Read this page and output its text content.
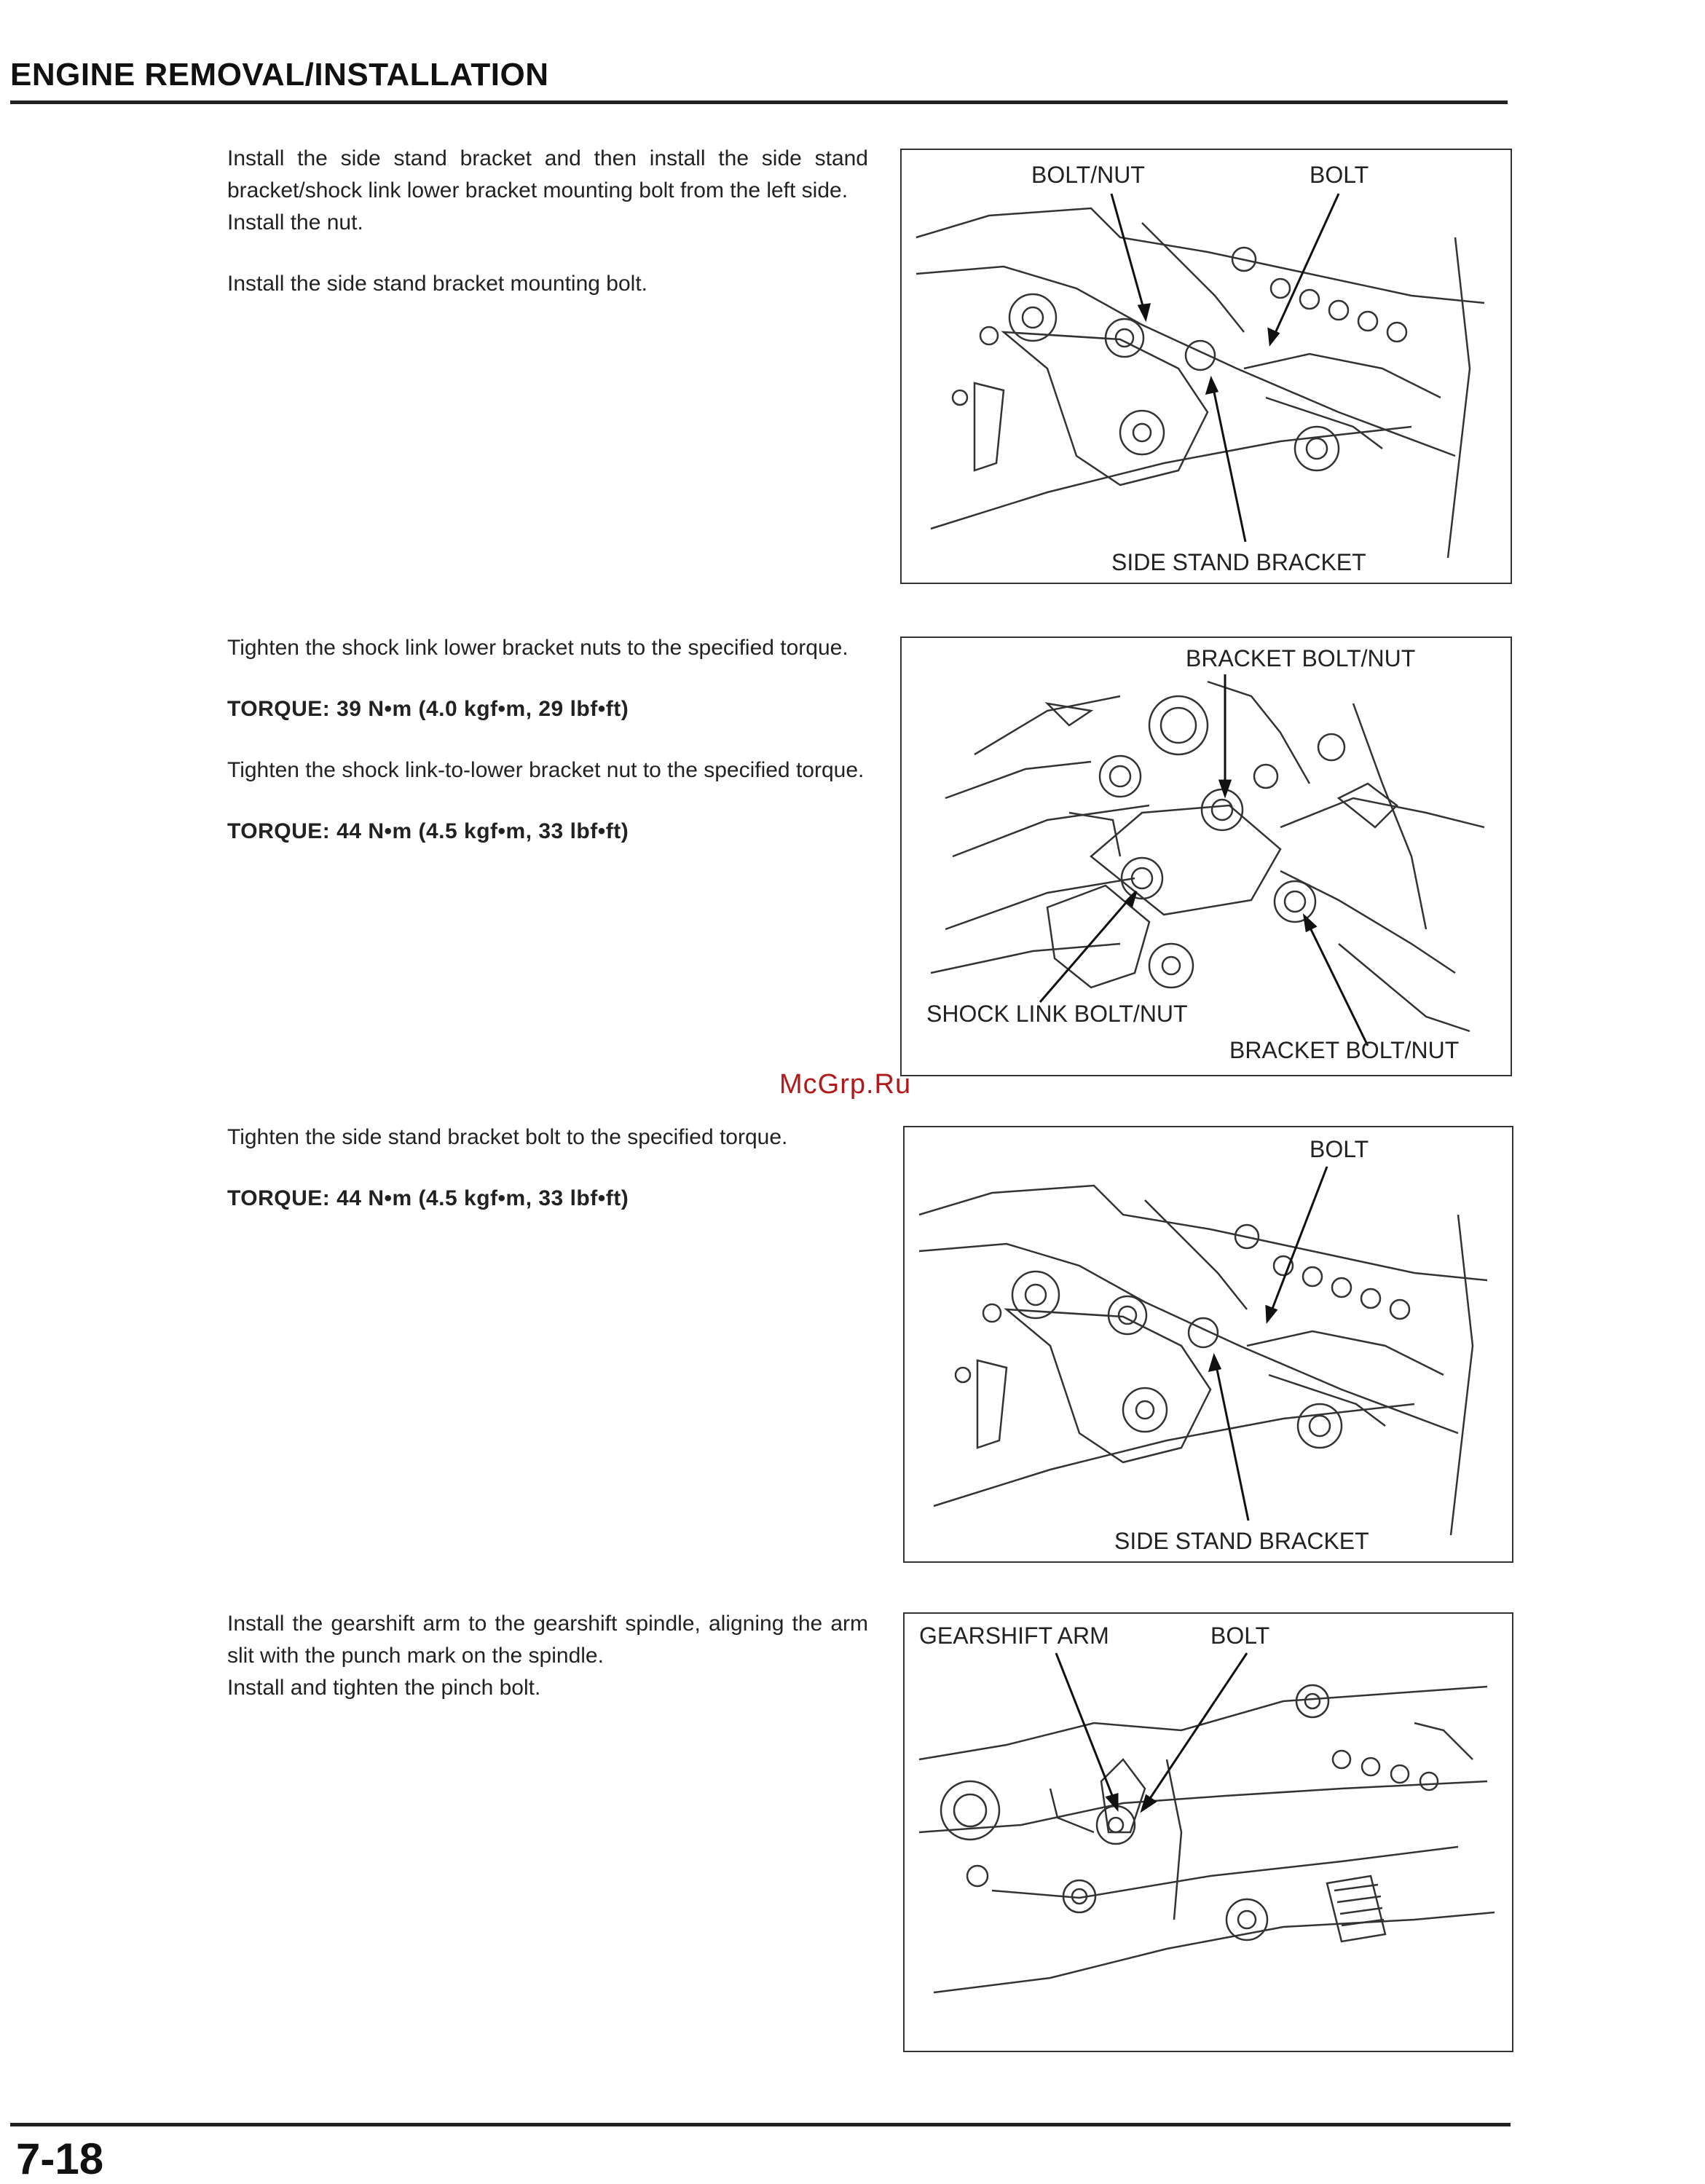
ENGINE REMOVAL/INSTALLATION

Install the side stand bracket and then install the side stand bracket/shock link lower bracket mounting bolt from the left side.

Install the nut.

Install the side stand bracket mounting bolt.

BOLT/NUT	BOLT
SIDE STAND BRACKET

Tighten the shock link lower bracket nuts to the specified torque.

TORQUE: 39 N•m (4.0 kgf•m, 29 lbf•ft)

Tighten the shock link-to-lower bracket nut to the specified torque.

TORQUE: 44 N•m (4.5 kgf•m, 33 lbf•ft)

BRACKET BOLT/NUT
SHOCK LINK BOLT/NUT
BRACKET BOLT/NUT
McGrp.Ru

Tighten the side stand bracket bolt to the specified torque.

TORQUE: 44 N•m (4.5 kgf•m, 33 lbf•ft)

BOLT
SIDE STAND BRACKET

Install the gearshift arm to the gearshift spindle, aligning the arm slit with the punch mark on the spindle.

Install and tighten the pinch bolt.

GEARSHIFT ARM	BOLT
7-18
